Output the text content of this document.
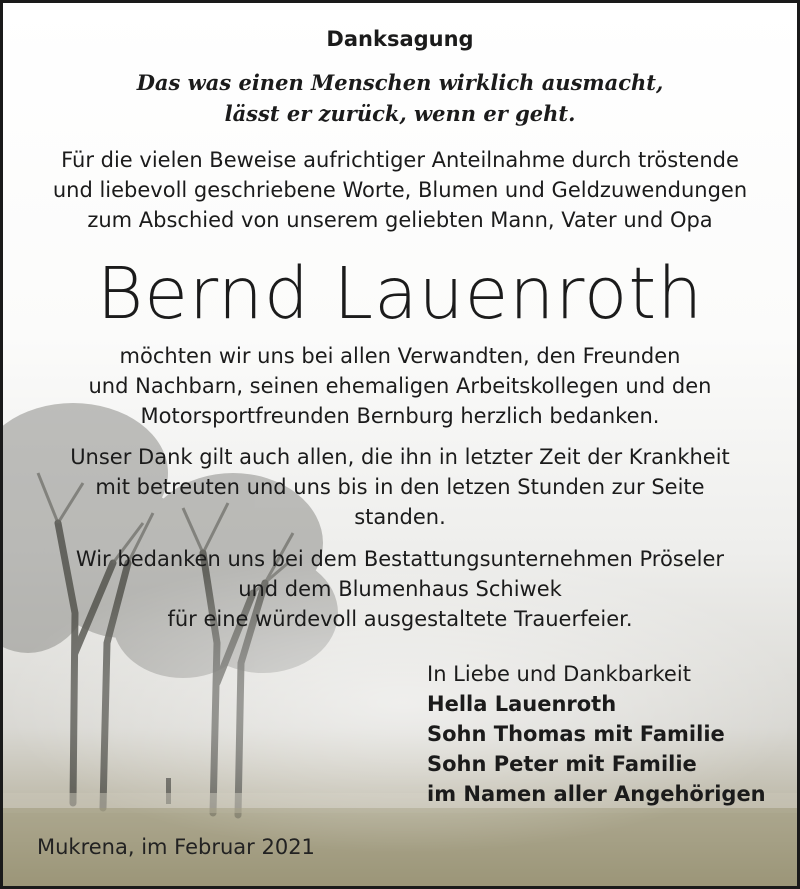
Danksagung
Das was einen Menschen wirklich ausmacht,
lässt er zurück, wenn er geht.
Für die vielen Beweise aufrichtiger Anteilnahme durch tröstende
und liebevoll geschriebene Worte, Blumen und Geldzuwendungen
zum Abschied von unserem geliebten Mann, Vater und Opa
Bernd Lauenroth
möchten wir uns bei allen Verwandten, den Freunden
und Nachbarn, seinen ehemaligen Arbeitskollegen und den
Motorsportfreunden Bernburg herzlich bedanken.
Unser Dank gilt auch allen, die ihn in letzter Zeit der Krankheit
mit betreuten und uns bis in den letzen Stunden zur Seite
standen.
Wir bedanken uns bei dem Bestattungsunternehmen Pröseler
und dem Blumenhaus Schiwek
für eine würdevoll ausgestaltete Trauerfeier.
In Liebe und Dankbarkeit
Hella Lauenroth
Sohn Thomas mit Familie
Sohn Peter mit Familie
im Namen aller Angehörigen
Mukrena, im Februar 2021
